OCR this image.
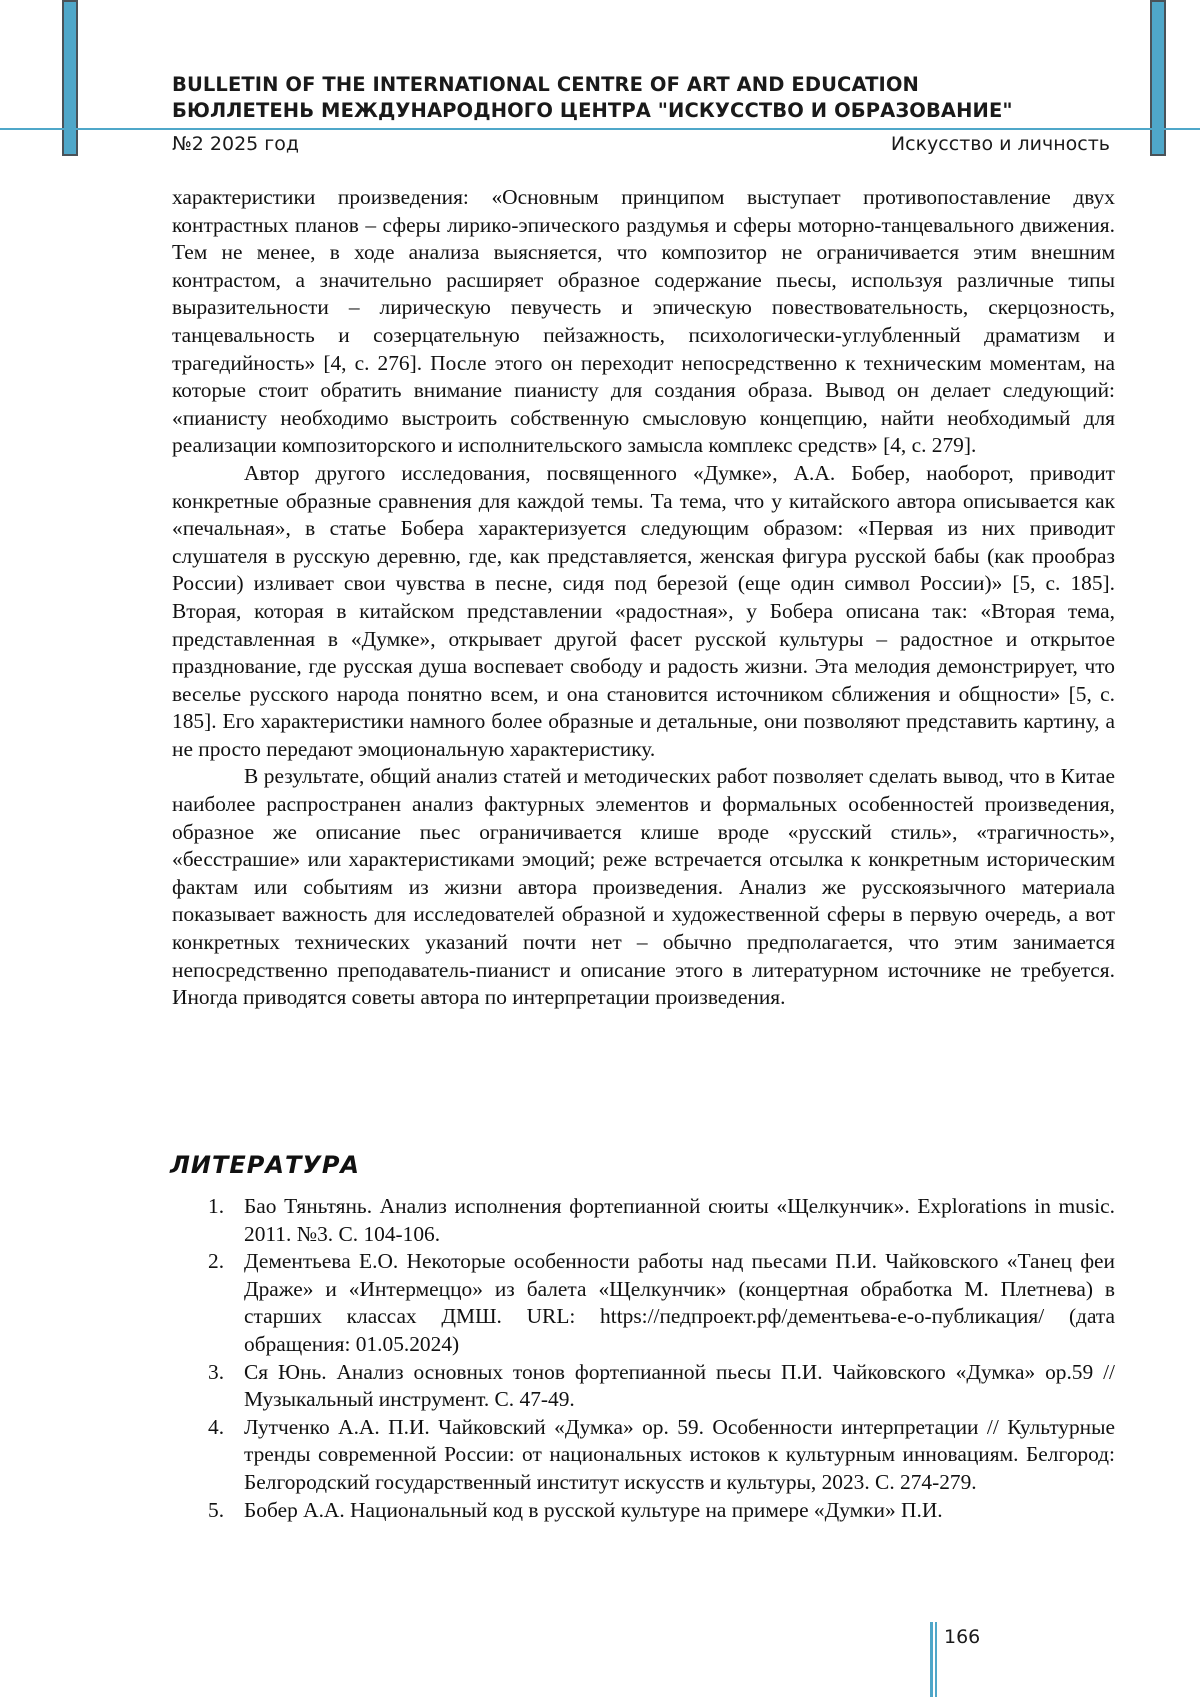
BULLETIN OF THE INTERNATIONAL CENTRE OF ART AND EDUCATION
БЮЛЛЕТЕНЬ МЕЖДУНАРОДНОГО ЦЕНТРА "ИСКУССТВО И ОБРАЗОВАНИЕ"
№2 2025 год	Искусство и личность

характеристики произведения: «Основным принципом выступает противопоставление двух контрастных планов – сферы лирико-эпического раздумья и сферы моторно-танцевального движения. Тем не менее, в ходе анализа выясняется, что композитор не ограничивается этим внешним контрастом, а значительно расширяет образное содержание пьесы, используя различные типы выразительности – лирическую певучесть и эпическую повествовательность, скерцозность, танцевальность и созерцательную пейзажность, психологически-углубленный драматизм и трагедийность» [4, с. 276]. После этого он переходит непосредственно к техническим моментам, на которые стоит обратить внимание пианисту для создания образа. Вывод он делает следующий: «пианисту необходимо выстроить собственную смысловую концепцию, найти необходимый для реализации композиторского и исполнительского замысла комплекс средств» [4, с. 279].

Автор другого исследования, посвященного «Думке», А.А. Бобер, наоборот, приводит конкретные образные сравнения для каждой темы. Та тема, что у китайского автора описывается как «печальная», в статье Бобера характеризуется следующим образом: «Первая из них приводит слушателя в русскую деревню, где, как представляется, женская фигура русской бабы (как прообраз России) изливает свои чувства в песне, сидя под березой (еще один символ России)» [5, с. 185]. Вторая, которая в китайском представлении «радостная», у Бобера описана так: «Вторая тема, представленная в «Думке», открывает другой фасет русской культуры – радостное и открытое празднование, где русская душа воспевает свободу и радость жизни. Эта мелодия демонстрирует, что веселье русского народа понятно всем, и она становится источником сближения и общности» [5, с. 185]. Его характеристики намного более образные и детальные, они позволяют представить картину, а не просто передают эмоциональную характеристику.

В результате, общий анализ статей и методических работ позволяет сделать вывод, что в Китае наиболее распространен анализ фактурных элементов и формальных особенностей произведения, образное же описание пьес ограничивается клише вроде «русский стиль», «трагичность», «бесстрашие» или характеристиками эмоций; реже встречается отсылка к конкретным историческим фактам или событиям из жизни автора произведения. Анализ же русскоязычного материала показывает важность для исследователей образной и художественной сферы в первую очередь, а вот конкретных технических указаний почти нет – обычно предполагается, что этим занимается непосредственно преподаватель-пианист и описание этого в литературном источнике не требуется. Иногда приводятся советы автора по интерпретации произведения.

ЛИТЕРАТУРА
1. Бао Тяньтянь. Анализ исполнения фортепианной сюиты «Щелкунчик». Explorations in music. 2011. №3. С. 104-106.
2. Дементьева Е.О. Некоторые особенности работы над пьесами П.И. Чайковского «Танец феи Драже» и «Интермеццо» из балета «Щелкунчик» (концертная обработка М. Плетнева) в старших классах ДМШ. URL: https://педпроект.рф/дементьева-е-о-публикация/ (дата обращения: 01.05.2024)
3. Ся Юнь. Анализ основных тонов фортепианной пьесы П.И. Чайковского «Думка» op.59 // Музыкальный инструмент. С. 47-49.
4. Лутченко А.А. П.И. Чайковский «Думка» ор. 59. Особенности интерпретации // Культурные тренды современной России: от национальных истоков к культурным инновациям. Белгород: Белгородский государственный институт искусств и культуры, 2023. С. 274-279.
5. Бобер А.А. Национальный код в русской культуре на примере «Думки» П.И.
166
